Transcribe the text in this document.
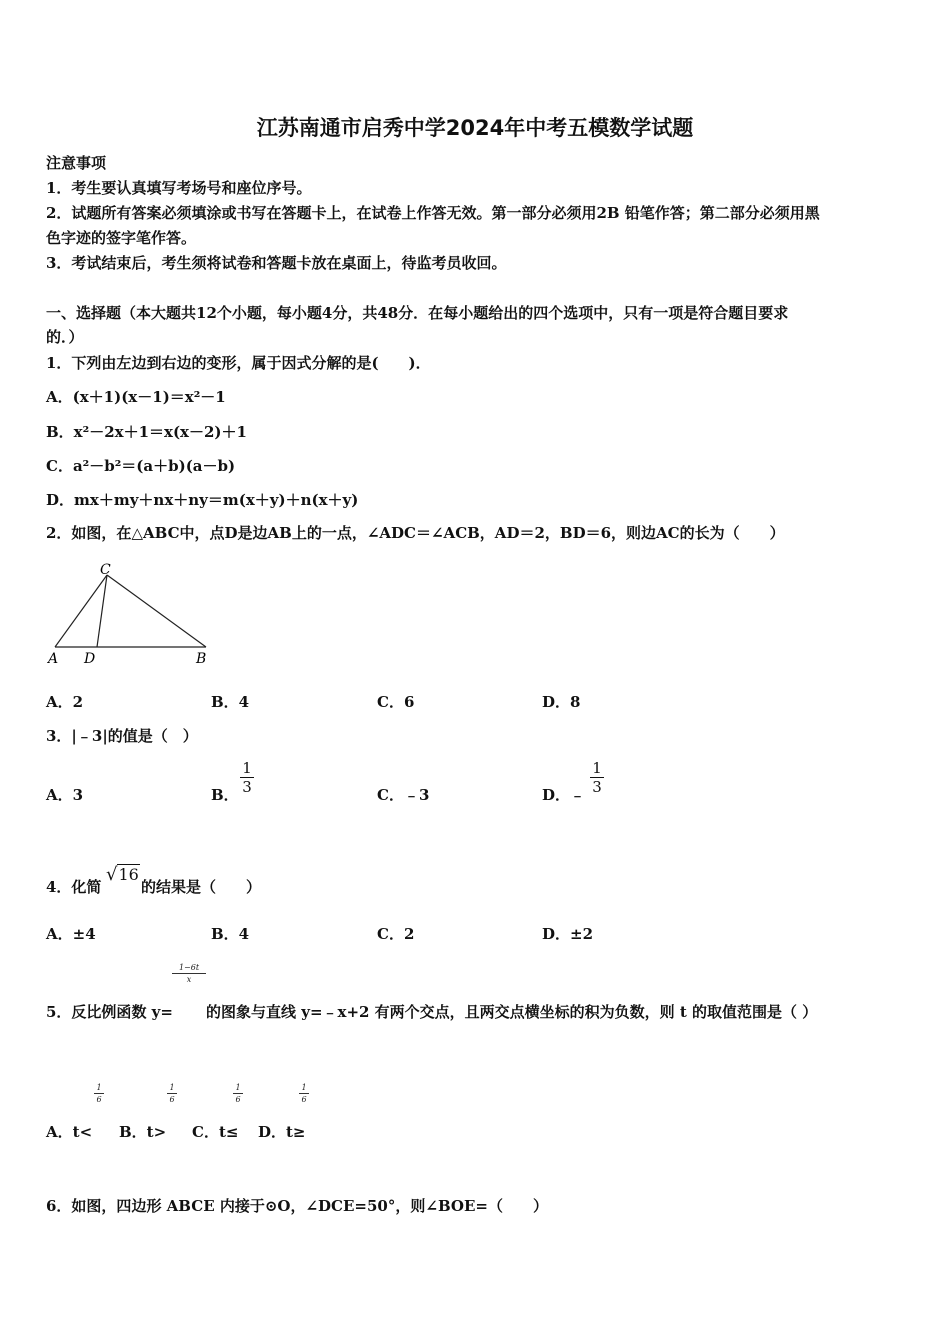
江苏南通市启秀中学2024年中考五模数学试题
注意事项
1．考生要认真填写考场号和座位序号。
2．试题所有答案必须填涂或书写在答题卡上，在试卷上作答无效。第一部分必须用2B 铅笔作答；第二部分必须用黑
色字迹的签字笔作答。
3．考试结束后，考生须将试卷和答题卡放在桌面上，待监考员收回。
一、选择题（本大题共12个小题，每小题4分，共48分．在每小题给出的四个选项中，只有一项是符合题目要求
的．）
1．下列由左边到右边的变形，属于因式分解的是(　　)．
A．(x＋1)(x－1)＝x²－1
B．x²－2x＋1＝x(x－2)＋1
C．a²－b²＝(a＋b)(a－b)
D．mx＋my＋nx＋ny＝m(x＋y)＋n(x＋y)
2．如图，在△ABC中，点D是边AB上的一点，∠ADC＝∠ACB，AD＝2，BD＝6，则边AC的长为（　　）
A D
C
B
A．2	B．4	C．6	D．8
3．|﹣3|的值是（　）
A．3	B．
1
3	C．﹣3	D．﹣
1
3
4．化简
√16
的结果是（　　）
A．±4	B．4	C．2	D．±2
1−6t
x
5．反比例函数 y= 的图象与直线 y=﹣x+2 有两个交点，且两交点横坐标的积为负数，则 t 的取值范围是（ ）
1
6
1
6
1
6
1
6
A．t< B．t> C．t≤ D．t≥
6．如图，四边形 ABCE 内接于⊙O，∠DCE=50°，则∠BOE=（　　）
